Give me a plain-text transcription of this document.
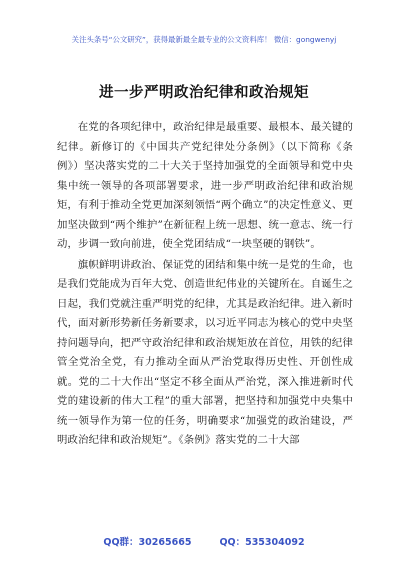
关注头条号“公文研究”，获得最新最全最专业的公文资料库！ 微信：gongwenyj
进一步严明政治纪律和政治规矩

在党的各项纪律中，政治纪律是最重要、最根本、最关键的纪律。新修订的《中国共产党纪律处分条例》（以下简称《条例》）坚决落实党的二十大关于坚持加强党的全面领导和党中央集中统一领导的各项部署要求，进一步严明政治纪律和政治规矩，有利于推动全党更加深刻领悟“两个确立”的决定性意义、更加坚决做到“两个维护”在新征程上统一思想、统一意志、统一行动，步调一致向前进，使全党团结成“一块坚硬的钢铁”。

旗帜鲜明讲政治、保证党的团结和集中统一是党的生命，也是我们党能成为百年大党、创造世纪伟业的关键所在。自诞生之日起，我们党就注重严明党的纪律，尤其是政治纪律。进入新时代，面对新形势新任务新要求，以习近平同志为核心的党中央坚持问题导向，把严守政治纪律和政治规矩放在首位，用铁的纪律管全党治全党，有力推动全面从严治党取得历史性、开创性成就。党的二十大作出“坚定不移全面从严治党，深入推进新时代党的建设新的伟大工程”的重大部署，把坚持和加强党中央集中统一领导作为第一位的任务，明确要求“加强党的政治建设，严明政治纪律和政治规矩”。《条例》落实党的二十大部

QQ群：30265665	QQ：535304092
